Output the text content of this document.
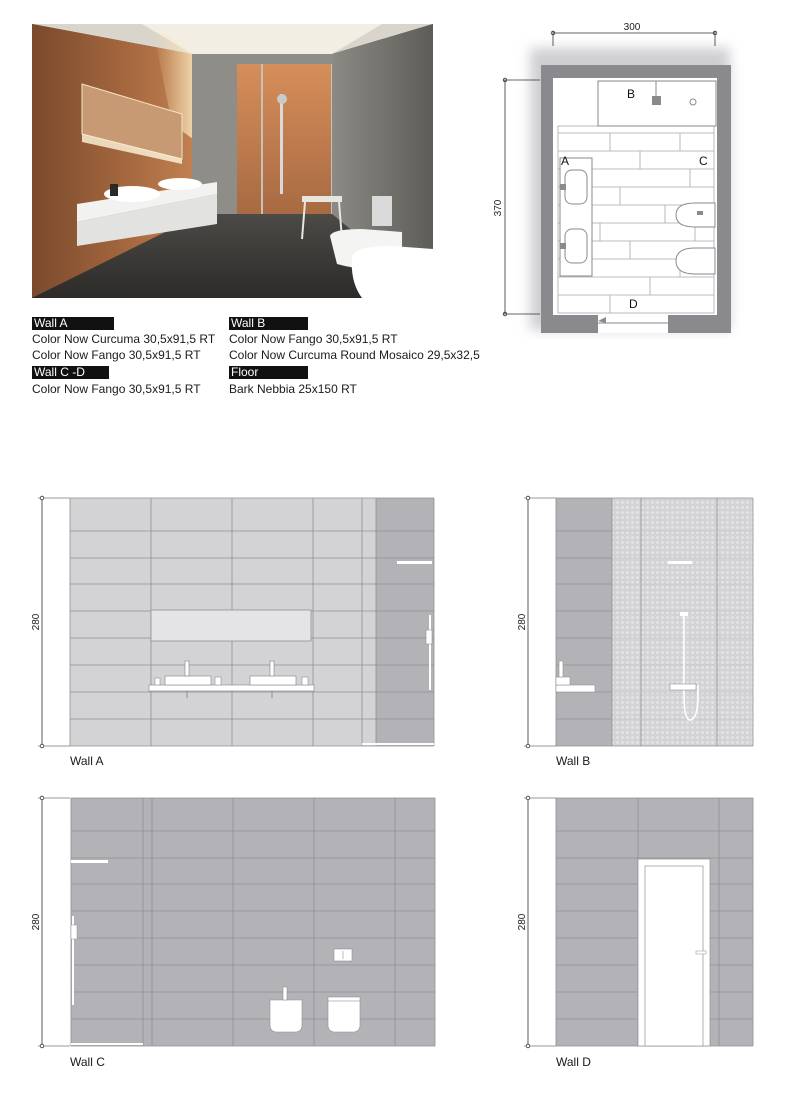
300
370
B
A	C
D
Wall A
Color Now Curcuma 30,5x91,5 RT
Color Now Fango 30,5x91,5 RT
Wall C -D
Color Now Fango 30,5x91,5 RT
Wall B
Color Now Fango 30,5x91,5 RT
Color Now Curcuma Round Mosaico 29,5x32,5
Floor
Bark Nebbia 25x150 RT
280	280
280	280
Wall A	Wall B
Wall C	Wall D
